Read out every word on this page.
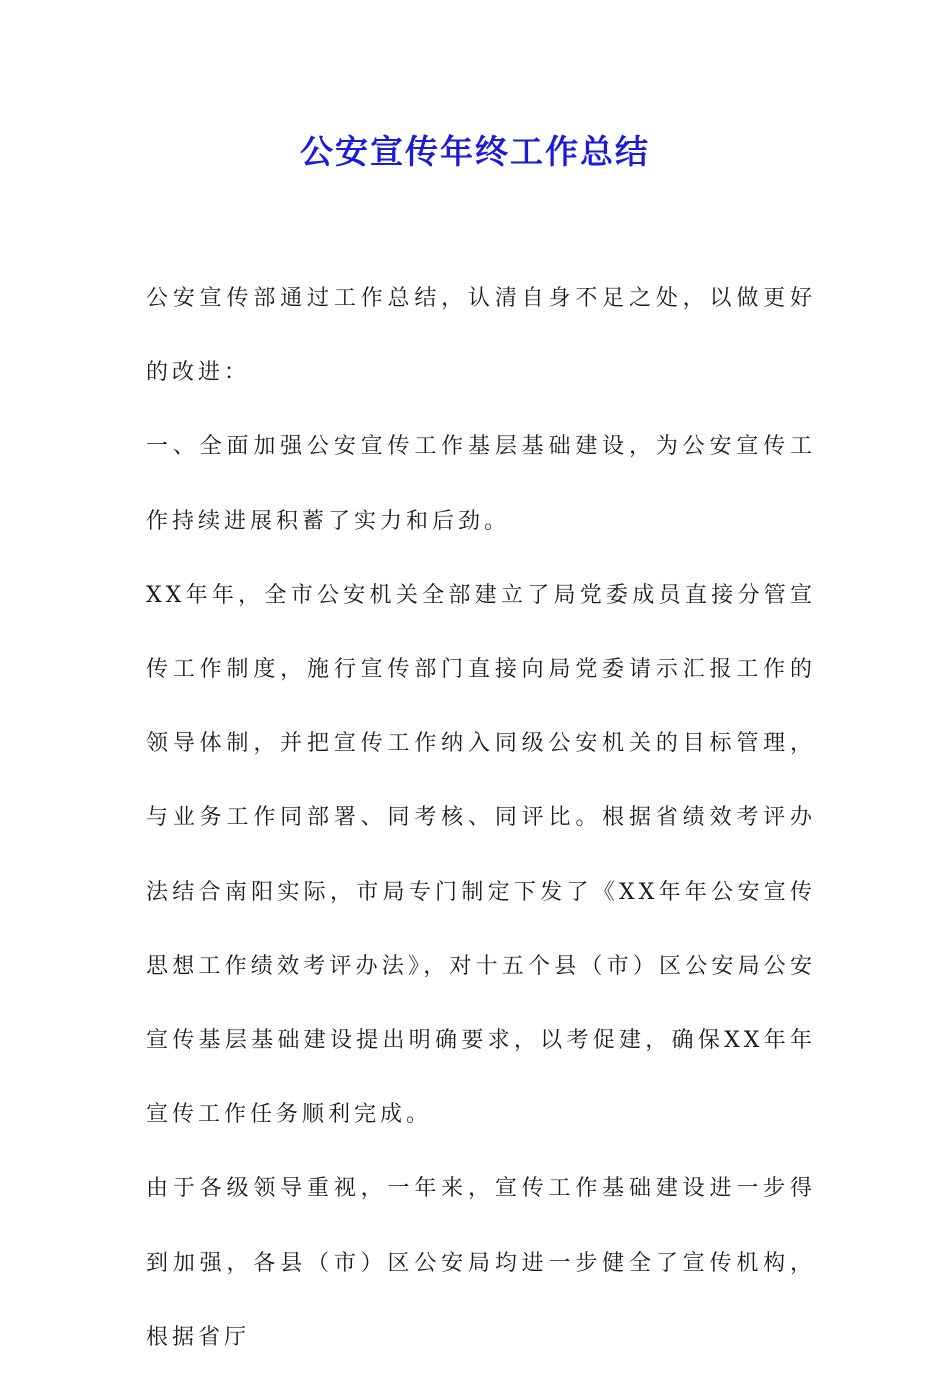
公安宣传年终工作总结

公安宣传部通过工作总结，认清自身不足之处，以做更好的改进：

一、全面加强公安宣传工作基层基础建设，为公安宣传工作持续进展积蓄了实力和后劲。

XX年年，全市公安机关全部建立了局党委成员直接分管宣传工作制度，施行宣传部门直接向局党委请示汇报工作的领导体制，并把宣传工作纳入同级公安机关的目标管理，与业务工作同部署、同考核、同评比。根据省绩效考评办法结合南阳实际，市局专门制定下发了《XX年年公安宣传思想工作绩效考评办法》，对十五个县（市）区公安局公安宣传基层基础建设提出明确要求，以考促建，确保XX年年宣传工作任务顺利完成。

由于各级领导重视，一年来，宣传工作基础建设进一步得到加强，各县（市）区公安局均进一步健全了宣传机构，根据省厅
